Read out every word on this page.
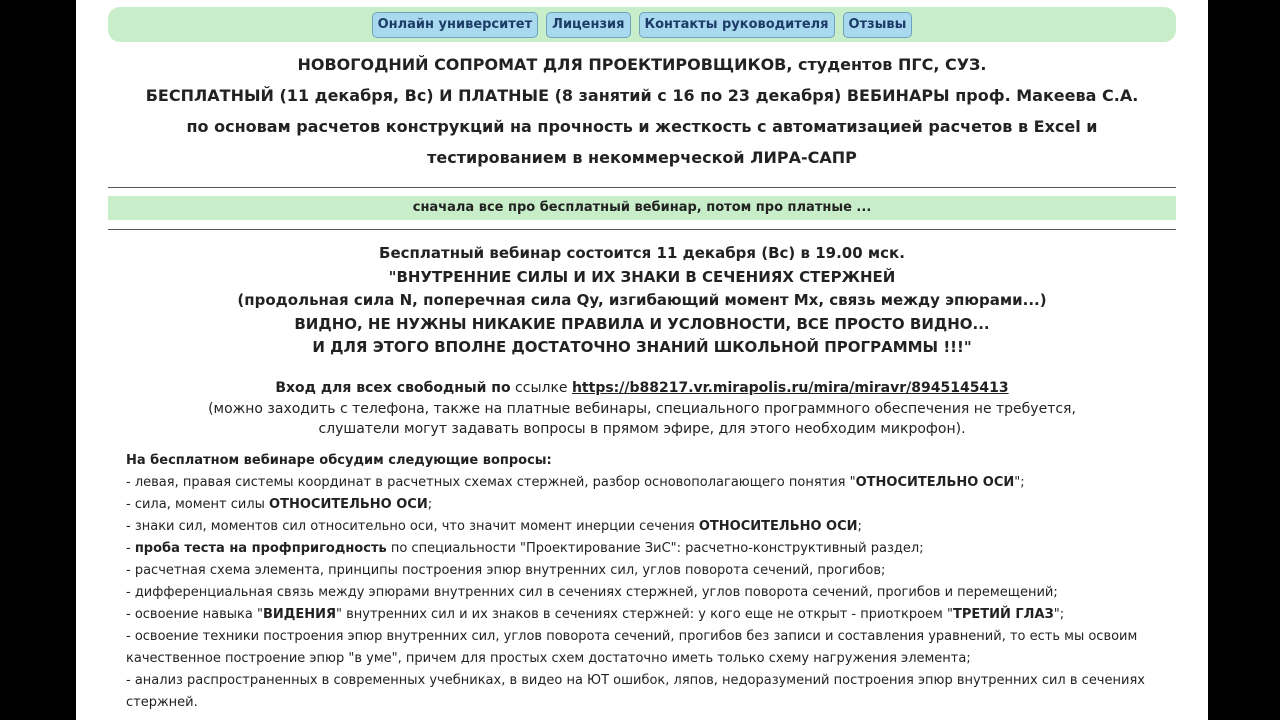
Онлайн университет	Лицензия	Контакты руководителя	Отзывы
НОВОГОДНИЙ СОПРОМАТ ДЛЯ ПРОЕКТИРОВЩИКОВ, студентов ПГС, СУЗ.
БЕСПЛАТНЫЙ (11 декабря, Вс) И ПЛАТНЫЕ (8 занятий с 16 по 23 декабря) ВЕБИНАРЫ проф. Макеева С.А.
по основам расчетов конструкций на прочность и жесткость с автоматизацией расчетов в Excel и
тестированием в некоммерческой ЛИРА-САПР
сначала все про бесплатный вебинар, потом про платные ...
Бесплатный вебинар состоится 11 декабря (Вс) в 19.00 мск.
"ВНУТРЕННИЕ СИЛЫ И ИХ ЗНАКИ В СЕЧЕНИЯХ СТЕРЖНЕЙ
(продольная сила N, поперечная сила Qy, изгибающий момент Mx, связь между эпюрами...)
ВИДНО, НЕ НУЖНЫ НИКАКИЕ ПРАВИЛА И УСЛОВНОСТИ, ВСЕ ПРОСТО ВИДНО...
И ДЛЯ ЭТОГО ВПОЛНЕ ДОСТАТОЧНО ЗНАНИЙ ШКОЛЬНОЙ ПРОГРАММЫ !!!"
Вход для всех свободный по ссылке https://b88217.vr.mirapolis.ru/mira/miravr/8945145413
(можно заходить с телефона, также на платные вебинары, специального программного обеспечения не требуется,
слушатели могут задавать вопросы в прямом эфире, для этого необходим микрофон).
На бесплатном вебинаре обсудим следующие вопросы:
- левая, правая системы координат в расчетных схемах стержней, разбор основополагающего понятия "ОТНОСИТЕЛЬНО ОСИ";
- сила, момент силы ОТНОСИТЕЛЬНО ОСИ;
- знаки сил, моментов сил относительно оси, что значит момент инерции сечения ОТНОСИТЕЛЬНО ОСИ;
- проба теста на профпригодность по специальности "Проектирование ЗиС": расчетно-конструктивный раздел;
- расчетная схема элемента, принципы построения эпюр внутренних сил, углов поворота сечений, прогибов;
- дифференциальная связь между эпюрами внутренних сил в сечениях стержней, углов поворота сечений, прогибов и перемещений;
- освоение навыка "ВИДЕНИЯ" внутренних сил и их знаков в сечениях стержней: у кого еще не открыт - приоткроем "ТРЕТИЙ ГЛАЗ";
- освоение техники построения эпюр внутренних сил, углов поворота сечений, прогибов без записи и составления уравнений, то есть мы освоим
качественное построение эпюр "в уме", причем для простых схем достаточно иметь только схему нагружения элемента;
- анализ распространенных в современных учебниках, в видео на ЮТ ошибок, ляпов, недоразумений построения эпюр внутренних сил в сечениях
стержней.
